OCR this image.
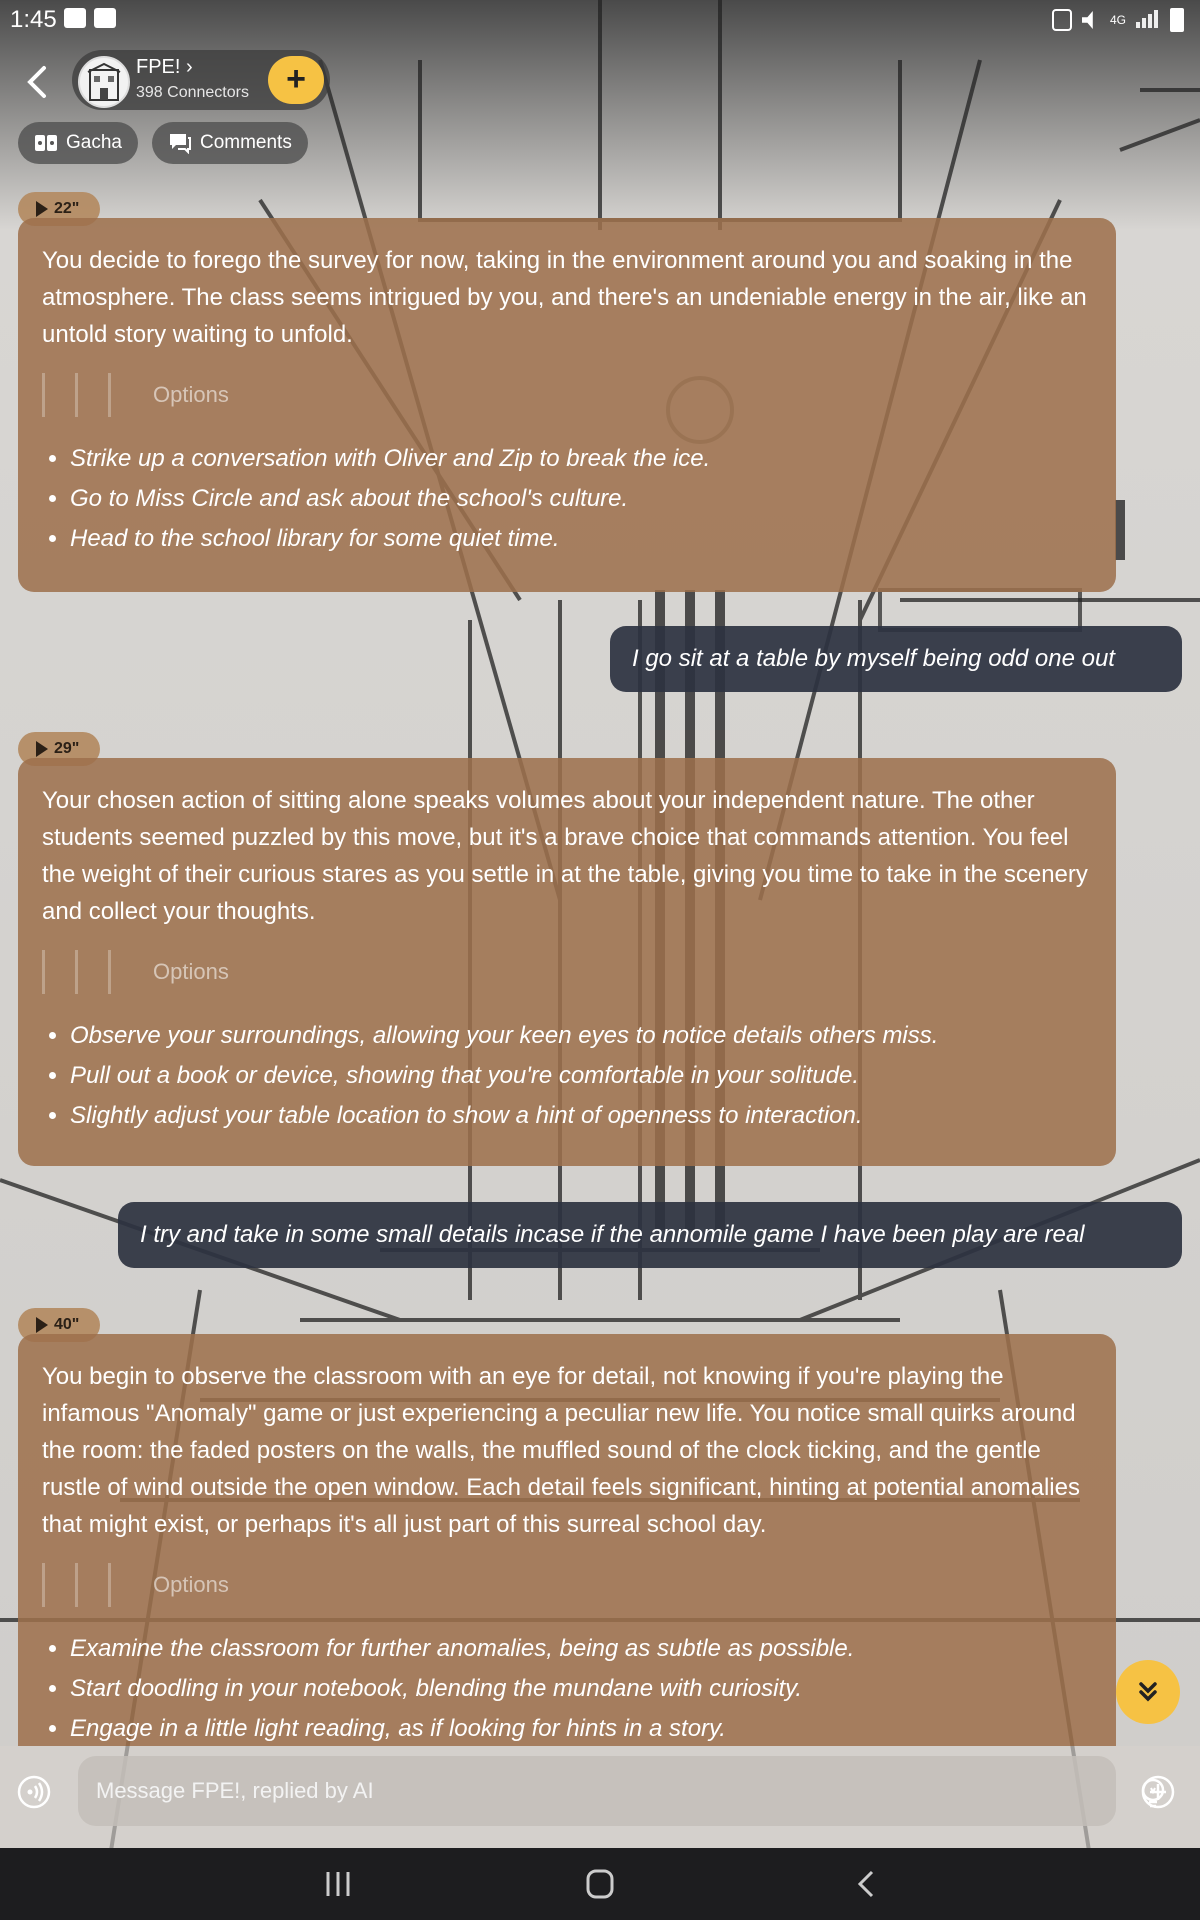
1:45	4G
FPE! ›
398 Connectors	+
Gacha	Comments
22"

You decide to forego the survey for now, taking in the environment around you and soaking in the atmosphere. The class seems intrigued by you, and there's an undeniable energy in the air, like an untold story waiting to unfold.

Options
• Strike up a conversation with Oliver and Zip to break the ice.
• Go to Miss Circle and ask about the school's culture.
• Head to the school library for some quiet time.
I go sit at a table by myself being odd one out
29"

Your chosen action of sitting alone speaks volumes about your independent nature. The other students seemed puzzled by this move, but it's a brave choice that commands attention. You feel the weight of their curious stares as you settle in at the table, giving you time to take in the scenery and collect your thoughts.

Options
• Observe your surroundings, allowing your keen eyes to notice details others miss.
• Pull out a book or device, showing that you're comfortable in your solitude.
• Slightly adjust your table location to show a hint of openness to interaction.
I try and take in some small details incase if the annomile game I have been play are real
40"

You begin to observe the classroom with an eye for detail, not knowing if you're playing the infamous "Anomaly" game or just experiencing a peculiar new life. You notice small quirks around the room: the faded posters on the walls, the muffled sound of the clock ticking, and the gentle rustle of wind outside the open window. Each detail feels significant, hinting at potential anomalies that might exist, or perhaps it's all just part of this surreal school day.

Options
• Examine the classroom for further anomalies, being as subtle as possible.
• Start doodling in your notebook, blending the mundane with curiosity.
• Engage in a little light reading, as if looking for hints in a story.
Message FPE!, replied by AI
